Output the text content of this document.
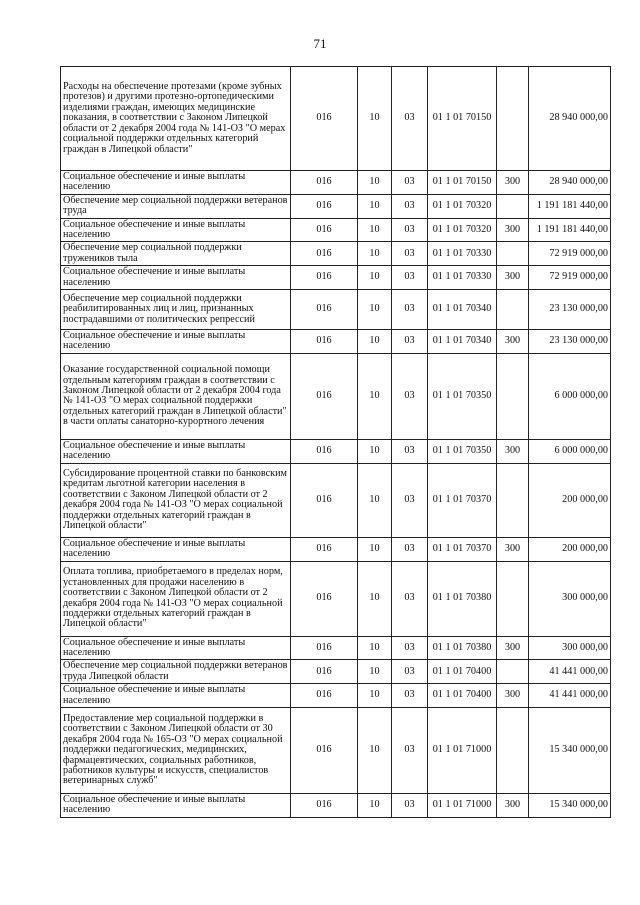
71
Расходы на обеспечение протезами (кроме зубных протезов) и другими протезно-ортопедическими изделиями граждан, имеющих медицинские показания, в соответствии с Законом Липецкой области от 2 декабря 2004 года № 141-ОЗ "О мерах социальной поддержки отдельных категорий граждан в Липецкой области"	016	10	03	01 1 01 70150		28 940 000,00
Социальное обеспечение и иные выплаты населению	016	10	03	01 1 01 70150	300	28 940 000,00
Обеспечение мер социальной поддержки ветеранов труда	016	10	03	01 1 01 70320		1 191 181 440,00
Социальное обеспечение и иные выплаты населению	016	10	03	01 1 01 70320	300	1 191 181 440,00
Обеспечение мер социальной поддержки тружеников тыла	016	10	03	01 1 01 70330		72 919 000,00
Социальное обеспечение и иные выплаты населению	016	10	03	01 1 01 70330	300	72 919 000,00
Обеспечение мер социальной поддержки реабилитированных лиц и лиц, признанных пострадавшими от политических репрессий	016	10	03	01 1 01 70340		23 130 000,00
Социальное обеспечение и иные выплаты населению	016	10	03	01 1 01 70340	300	23 130 000,00
Оказание государственной социальной помощи отдельным категориям граждан в соответствии с Законом Липецкой области от 2 декабря 2004 года № 141-ОЗ "О мерах социальной поддержки отдельных категорий граждан в Липецкой области" в части оплаты санаторно-курортного лечения	016	10	03	01 1 01 70350		6 000 000,00
Социальное обеспечение и иные выплаты населению	016	10	03	01 1 01 70350	300	6 000 000,00
Субсидирование процентной ставки по банковским кредитам льготной категории населения в соответствии с Законом Липецкой области от 2 декабря 2004 года № 141-ОЗ "О мерах социальной поддержки отдельных категорий граждан в Липецкой области"	016	10	03	01 1 01 70370		200 000,00
Социальное обеспечение и иные выплаты населению	016	10	03	01 1 01 70370	300	200 000,00
Оплата топлива, приобретаемого в пределах норм, установленных для продажи населению в соответствии с Законом Липецкой области от 2 декабря 2004 года № 141-ОЗ "О мерах социальной поддержки отдельных категорий граждан в Липецкой области"	016	10	03	01 1 01 70380		300 000,00
Социальное обеспечение и иные выплаты населению	016	10	03	01 1 01 70380	300	300 000,00
Обеспечение мер социальной поддержки ветеранов труда Липецкой области	016	10	03	01 1 01 70400		41 441 000,00
Социальное обеспечение и иные выплаты населению	016	10	03	01 1 01 70400	300	41 441 000,00
Предоставление мер социальной поддержки в соответствии с Законом Липецкой области от 30 декабря 2004 года № 165-ОЗ "О мерах социальной поддержки педагогических, медицинских, фармацевтических, социальных работников, работников культуры и искусств, специалистов ветеринарных служб"	016	10	03	01 1 01 71000		15 340 000,00
Социальное обеспечение и иные выплаты населению	016	10	03	01 1 01 71000	300	15 340 000,00
